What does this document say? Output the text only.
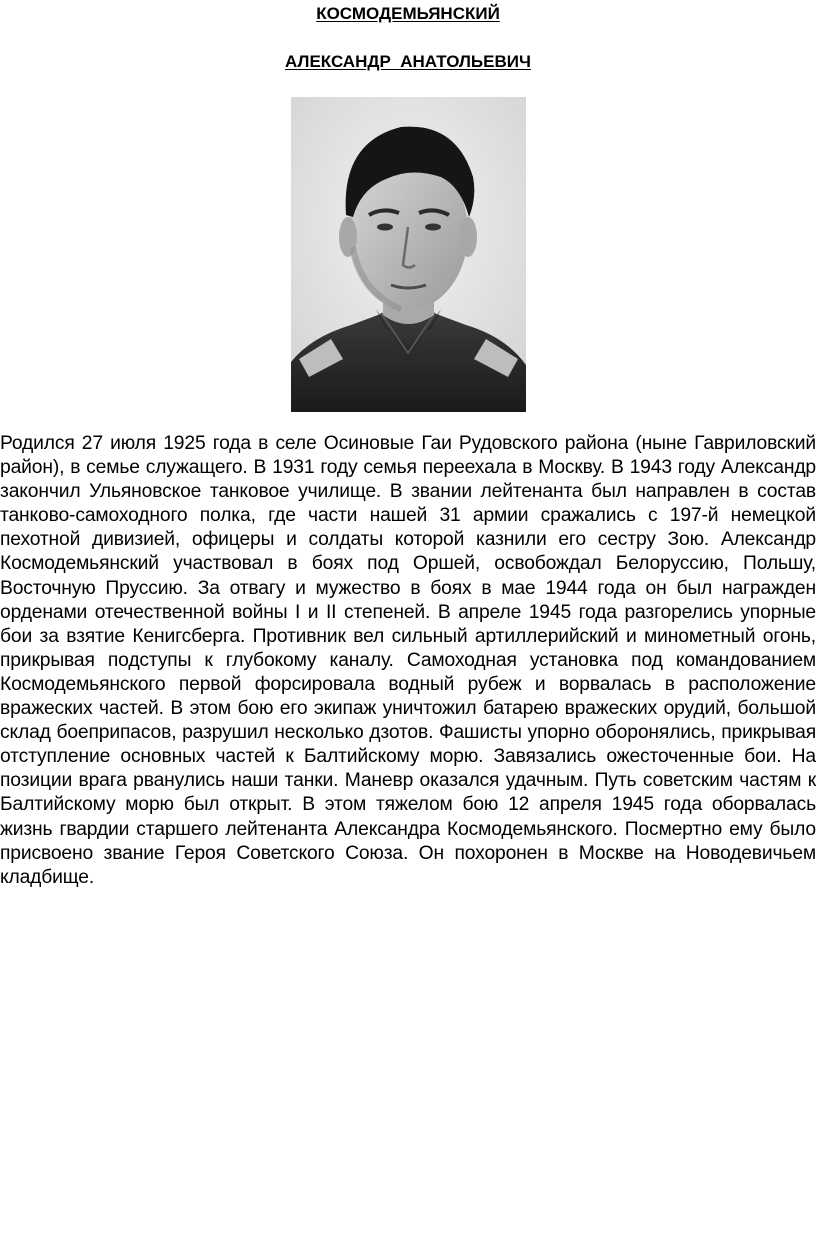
КОСМОДЕМЬЯНСКИЙ
АЛЕКСАНДР  АНАТОЛЬЕВИЧ

Родился 27 июля 1925 года в селе Осиновые Гаи Рудовского района (ныне Гавриловский район), в семье служащего. В 1931 году семья переехала в Москву. В 1943 году Александр закончил Ульяновское танковое училище. В звании лейтенанта был направлен в состав танково-самоходного полка, где части нашей 31 армии сражались с 197-й немецкой пехотной дивизией, офицеры и солдаты которой казнили его сестру Зою. Александр Космодемьянский участвовал в боях под Оршей, освобождал Белоруссию, Польшу, Восточную Пруссию. За отвагу и мужество в боях в мае 1944 года он был награжден орденами отечественной войны I и II степеней. В апреле 1945 года разгорелись упорные бои за взятие Кенигсберга. Противник вел сильный артиллерийский и минометный огонь, прикрывая подступы к глубокому каналу. Самоходная установка под командованием Космодемьянского первой форсировала водный рубеж и ворвалась в расположение вражеских частей. В этом бою его экипаж уничтожил батарею вражеских орудий, большой склад боеприпасов, разрушил несколько дзотов. Фашисты упорно оборонялись, прикрывая отступление основных частей к Балтийскому морю. Завязались ожесточенные бои. На позиции врага рванулись наши танки. Маневр оказался удачным. Путь советским частям к Балтийскому морю был открыт. В этом тяжелом бою 12 апреля 1945 года оборвалась жизнь гвардии старшего лейтенанта Александра Космодемьянского. Посмертно ему было присвоено звание Героя Советского Союза. Он похоронен в Москве на Новодевичьем кладбище.
